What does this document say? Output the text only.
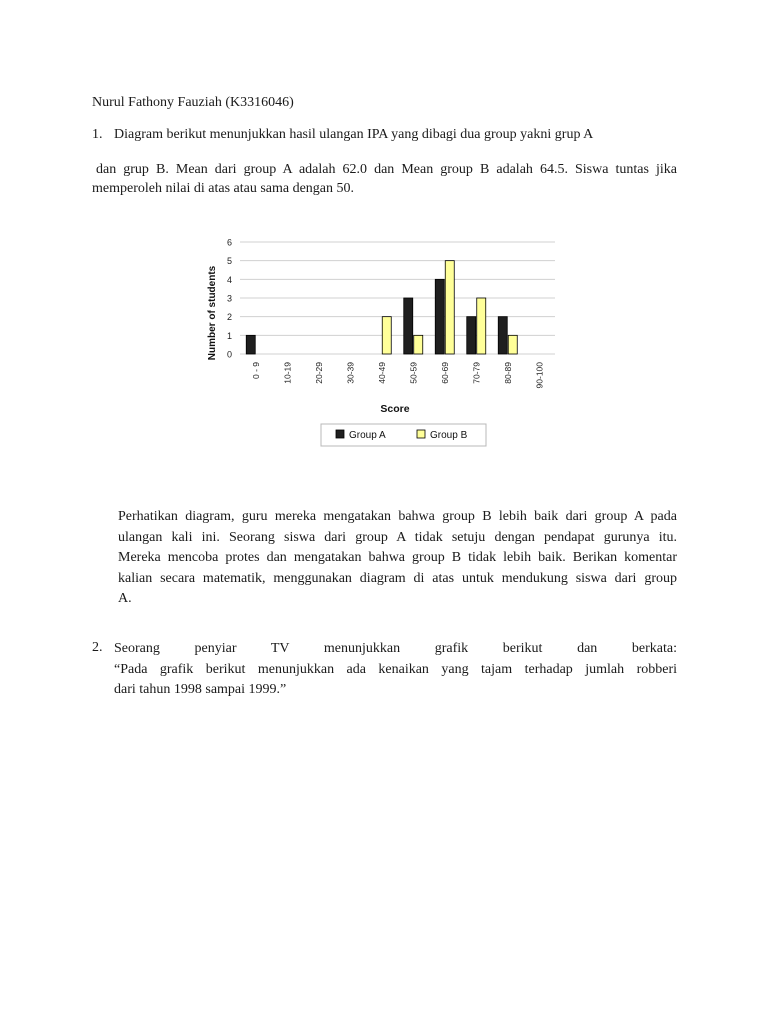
Nurul Fathony Fauziah (K3316046)
1. Diagram berikut menunjukkan hasil ulangan IPA yang dibagi dua group yakni grup A
dan grup B. Mean dari group A adalah 62.0 dan Mean group B adalah 64.5. Siswa tuntas jika
memperoleh nilai di atas atau sama dengan 50.
0
1
2
3
4
5
6
0 - 9	10-19	20-29	30-39	40-49	50-59	60-69	70-79	80-89	90-100
Number of students
Score
Group A	Group B
Perhatikan diagram, guru mereka mengatakan bahwa group B lebih baik dari group A pada
ulangan kali ini. Seorang siswa dari group A tidak setuju dengan pendapat gurunya itu.
Mereka mencoba protes dan mengatakan bahwa group B tidak lebih baik. Berikan komentar
kalian secara matematik, menggunakan diagram di atas untuk mendukung siswa dari group
A.
2. Seorang penyiar TV menunjukkan grafik berikut dan berkata:
“Pada grafik berikut menunjukkan ada kenaikan yang tajam terhadap jumlah robberi
dari tahun 1998 sampai 1999.”
